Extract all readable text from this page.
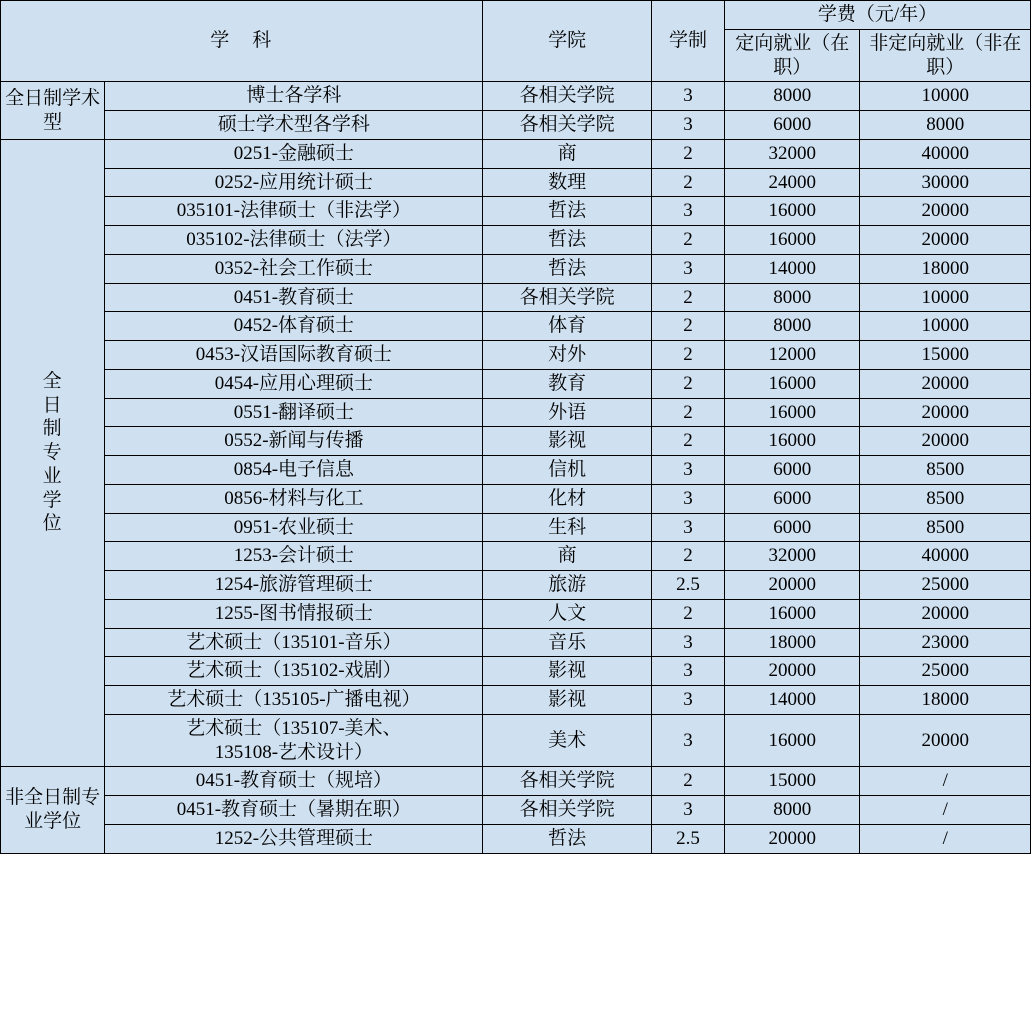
学　科		学院	学制	学费（元/年）	
				定向就业（在职）	非定向就业（非在职）
全日制学术型	博士各学科	各相关学院	3	8000	10000
	硕士学术型各学科	各相关学院	3	6000	8000

全
日
制
专
业
学
位
	0251-金融硕士	商	2	32000	40000
	0252-应用统计硕士	数理	2	24000	30000
	035101-法律硕士（非法学）	哲法	3	16000	20000
	035102-法律硕士（法学）	哲法	2	16000	20000
	0352-社会工作硕士	哲法	3	14000	18000
	0451-教育硕士	各相关学院	2	8000	10000
	0452-体育硕士	体育	2	8000	10000
	0453-汉语国际教育硕士	对外	2	12000	15000
	0454-应用心理硕士	教育	2	16000	20000
	0551-翻译硕士	外语	2	16000	20000
	0552-新闻与传播	影视	2	16000	20000
	0854-电子信息	信机	3	6000	8500
	0856-材料与化工	化材	3	6000	8500
	0951-农业硕士	生科	3	6000	8500
	1253-会计硕士	商	2	32000	40000
	1254-旅游管理硕士	旅游	2.5	20000	25000
	1255-图书情报硕士	人文	2	16000	20000
	艺术硕士（135101-音乐）	音乐	3	18000	23000
	艺术硕士（135102-戏剧）	影视	3	20000	25000
	艺术硕士（135105-广播电视）	影视	3	14000	18000
	艺术硕士（135107-美术、
135108-艺术设计）	美术	3	16000	20000
非全日制专业学位	0451-教育硕士（规培）	各相关学院	2	15000	/
	0451-教育硕士（暑期在职）	各相关学院	3	8000	/
	1252-公共管理硕士	哲法	2.5	20000	/
